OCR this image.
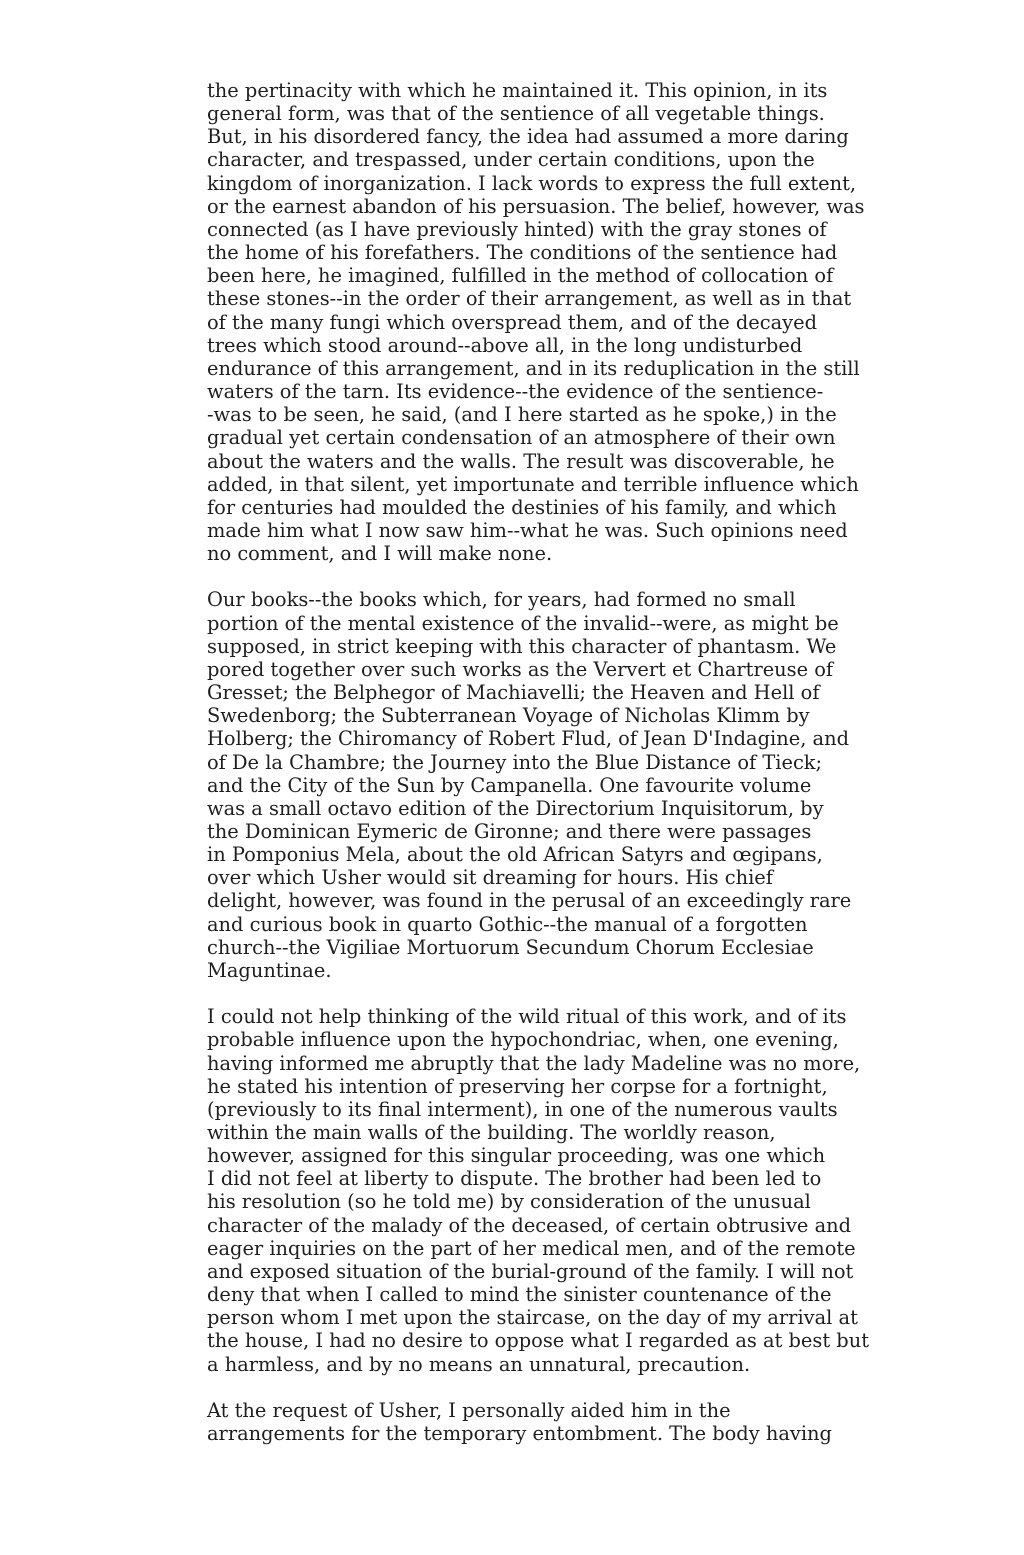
the pertinacity with which he maintained it. This opinion, in its
general form, was that of the sentience of all vegetable things.
But, in his disordered fancy, the idea had assumed a more daring
character, and trespassed, under certain conditions, upon the
kingdom of inorganization. I lack words to express the full extent,
or the earnest abandon of his persuasion. The belief, however, was
connected (as I have previously hinted) with the gray stones of
the home of his forefathers. The conditions of the sentience had
been here, he imagined, fulfilled in the method of collocation of
these stones--in the order of their arrangement, as well as in that
of the many fungi which overspread them, and of the decayed
trees which stood around--above all, in the long undisturbed
endurance of this arrangement, and in its reduplication in the still
waters of the tarn. Its evidence--the evidence of the sentience-
-was to be seen, he said, (and I here started as he spoke,) in the
gradual yet certain condensation of an atmosphere of their own
about the waters and the walls. The result was discoverable, he
added, in that silent, yet importunate and terrible influence which
for centuries had moulded the destinies of his family, and which
made him what I now saw him--what he was. Such opinions need
no comment, and I will make none.

Our books--the books which, for years, had formed no small
portion of the mental existence of the invalid--were, as might be
supposed, in strict keeping with this character of phantasm. We
pored together over such works as the Ververt et Chartreuse of
Gresset; the Belphegor of Machiavelli; the Heaven and Hell of
Swedenborg; the Subterranean Voyage of Nicholas Klimm by
Holberg; the Chiromancy of Robert Flud, of Jean D'Indagine, and
of De la Chambre; the Journey into the Blue Distance of Tieck;
and the City of the Sun by Campanella. One favourite volume
was a small octavo edition of the Directorium Inquisitorum, by
the Dominican Eymeric de Gironne; and there were passages
in Pomponius Mela, about the old African Satyrs and œgipans,
over which Usher would sit dreaming for hours. His chief
delight, however, was found in the perusal of an exceedingly rare
and curious book in quarto Gothic--the manual of a forgotten
church--the Vigiliae Mortuorum Secundum Chorum Ecclesiae
Maguntinae.

I could not help thinking of the wild ritual of this work, and of its
probable influence upon the hypochondriac, when, one evening,
having informed me abruptly that the lady Madeline was no more,
he stated his intention of preserving her corpse for a fortnight,
(previously to its final interment), in one of the numerous vaults
within the main walls of the building. The worldly reason,
however, assigned for this singular proceeding, was one which
I did not feel at liberty to dispute. The brother had been led to
his resolution (so he told me) by consideration of the unusual
character of the malady of the deceased, of certain obtrusive and
eager inquiries on the part of her medical men, and of the remote
and exposed situation of the burial-ground of the family. I will not
deny that when I called to mind the sinister countenance of the
person whom I met upon the staircase, on the day of my arrival at
the house, I had no desire to oppose what I regarded as at best but
a harmless, and by no means an unnatural, precaution.

At the request of Usher, I personally aided him in the
arrangements for the temporary entombment. The body having
